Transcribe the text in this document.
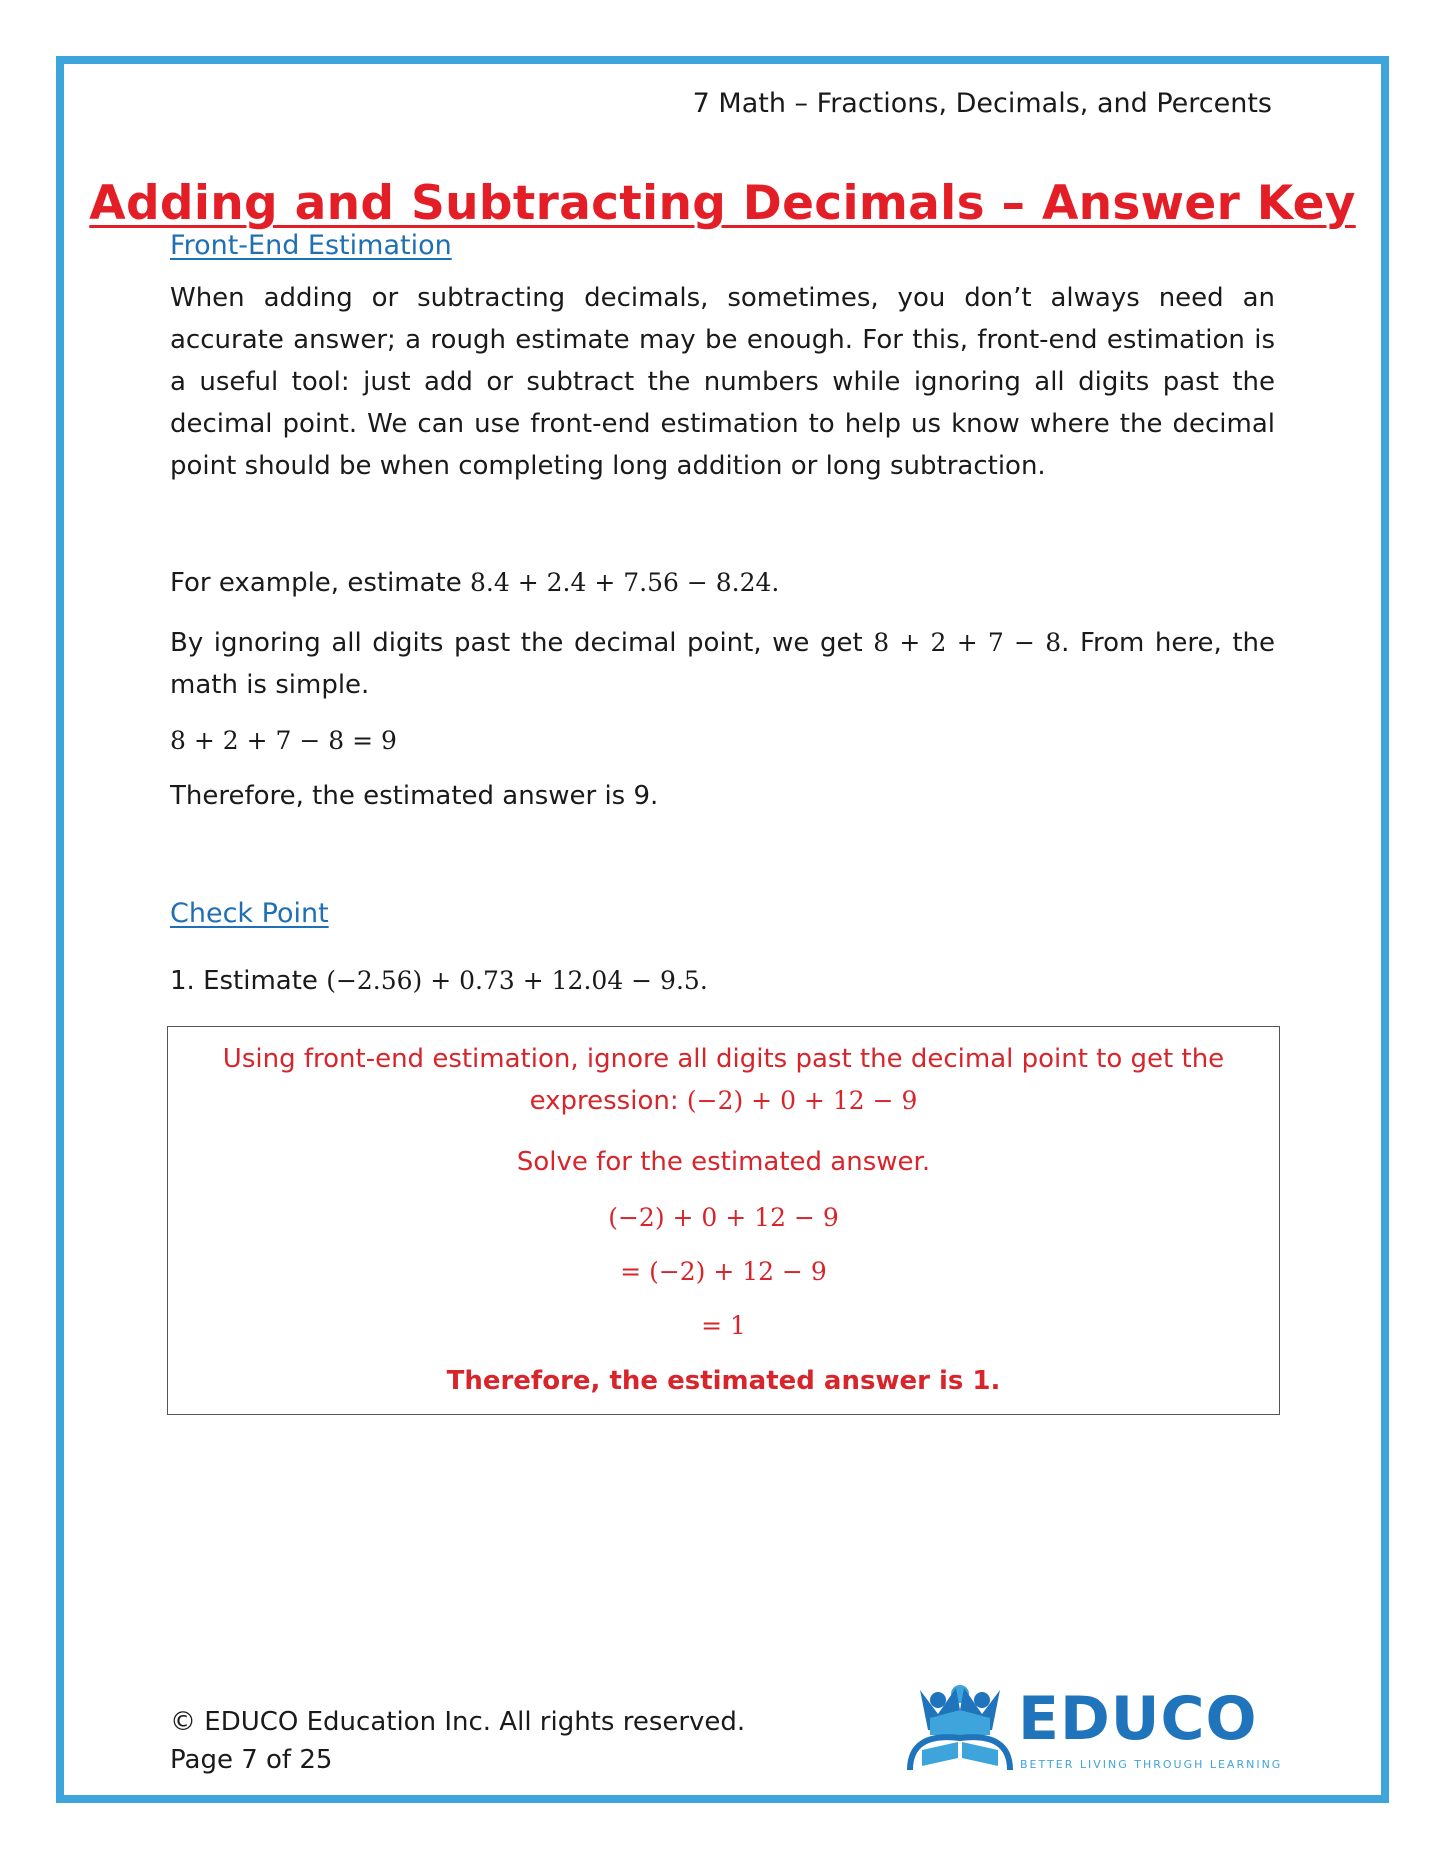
7 Math – Fractions, Decimals, and Percents
Adding and Subtracting Decimals – Answer Key
Front-End Estimation
When adding or subtracting decimals, sometimes, you don’t always need an accurate answer; a rough estimate may be enough. For this, front-end estimation is a useful tool: just add or subtract the numbers while ignoring all digits past the decimal point. We can use front-end estimation to help us know where the decimal point should be when completing long addition or long subtraction.
For example, estimate 8.4 + 2.4 + 7.56 − 8.24.
By ignoring all digits past the decimal point, we get 8 + 2 + 7 − 8. From here, the math is simple.
8 + 2 + 7 − 8 = 9
Therefore, the estimated answer is 9.
Check Point
1. Estimate (−2.56) + 0.73 + 12.04 − 9.5.
Using front-end estimation, ignore all digits past the decimal point to get the
expression: (−2) + 0 + 12 − 9
Solve for the estimated answer.
(−2) + 0 + 12 − 9
= (−2) + 12 − 9
= 1
Therefore, the estimated answer is 1.
© EDUCO Education Inc. All rights reserved.
Page 7 of 25
EDUCO
BETTER LIVING THROUGH LEARNING
